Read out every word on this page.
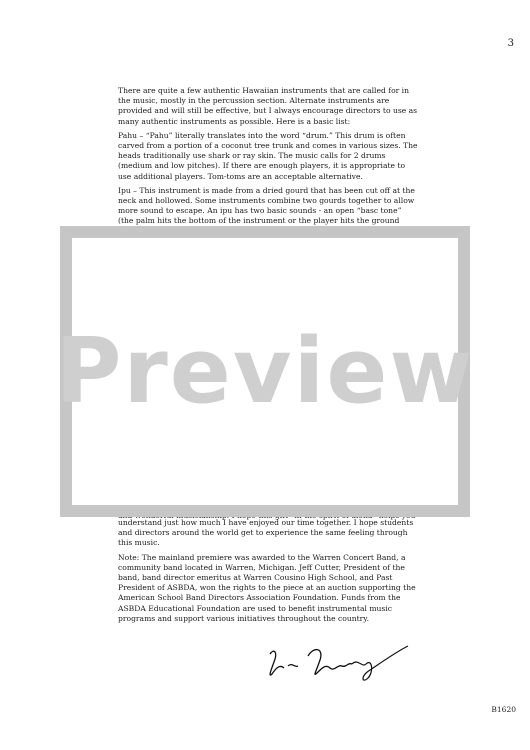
3

There are quite a few authentic Hawaiian instruments that are called for in the music, mostly in the percussion section. Alternate instruments are provided and will still be effective, but I always encourage directors to use as many authentic instruments as possible. Here is a basic list:

Pahu – “Pahu” literally translates into the word “drum.” This drum is often carved from a portion of a coconut tree trunk and comes in various sizes. The heads traditionally use shark or ray skin. The music calls for 2 drums (medium and low pitches). If there are enough players, it is appropriate to use additional players. Tom-toms are an acceptable alternative.

Ipu – This instrument is made from a dried gourd that has been cut off at the neck and hollowed. Some instruments combine two gourds together to allow more sound to escape. An ipu has two basic sounds - an open “basс tone” (the palm hits the bottom of the instrument or the player hits the ground

understand just how much I have enjoyed our time together. I hope students and directors around the world get to experience the same feeling through this music.

Note: The mainland premiere was awarded to the Warren Concert Band, a community band located in Warren, Michigan. Jeff Cutter, President of the band, band director emeritus at Warren Cousino High School, and Past President of ASBDA, won the rights to the piece at an auction supporting the American School Band Directors Association Foundation. Funds from the ASBDA Educational Foundation are used to benefit instrumental music programs and support various initiatives throughout the country.

Preview
B1620
